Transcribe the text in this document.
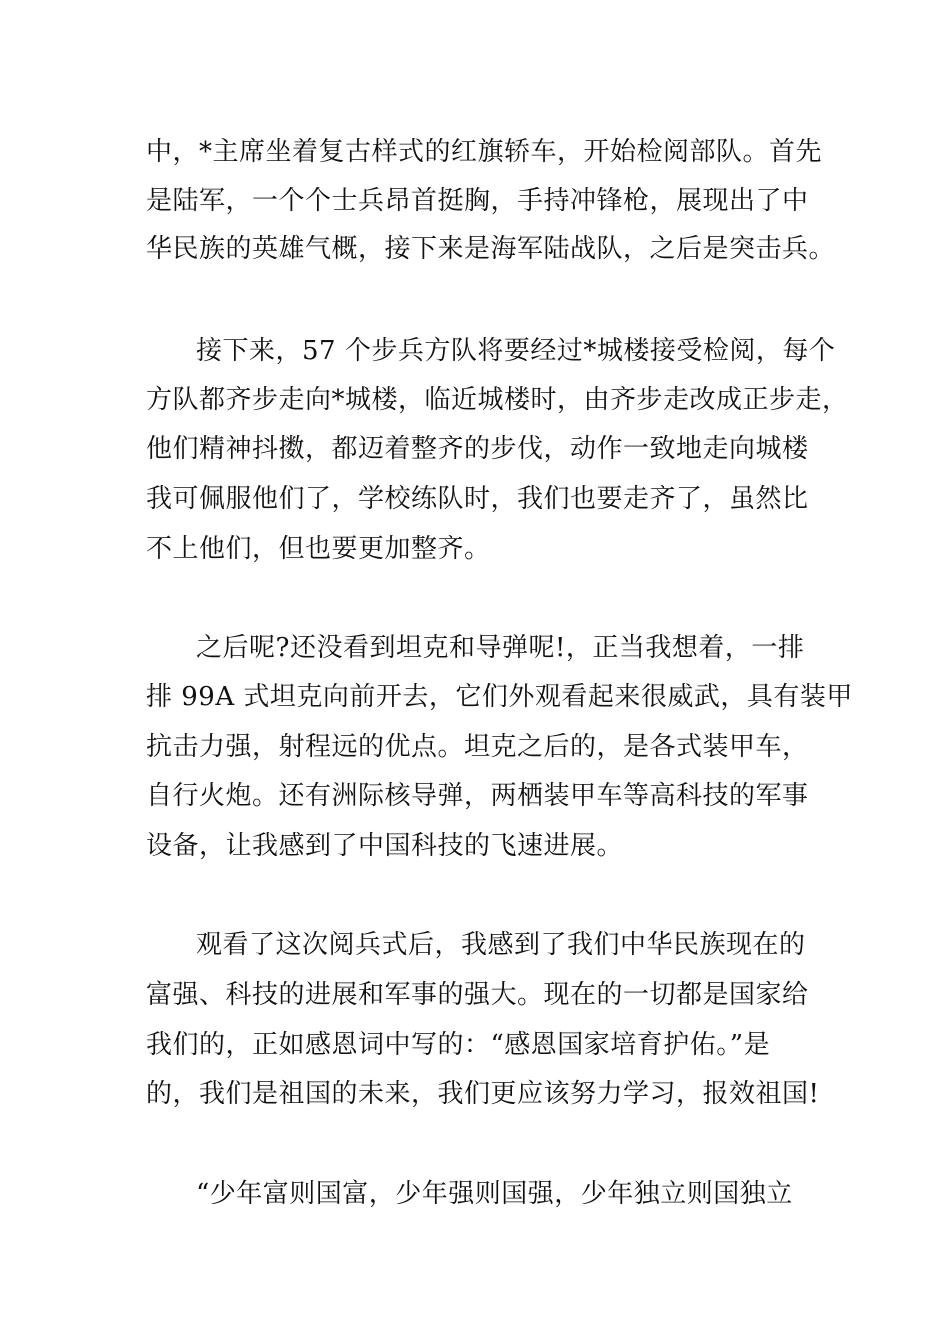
中，*主席坐着复古样式的红旗轿车，开始检阅部队。首先
是陆军，一个个士兵昂首挺胸，手持冲锋枪，展现出了中
华民族的英雄气概，接下来是海军陆战队，之后是突击兵。
接下来，57 个步兵方队将要经过*城楼接受检阅，每个
方队都齐步走向*城楼，临近城楼时，由齐步走改成正步走，
他们精神抖擞，都迈着整齐的步伐，动作一致地走向城楼
我可佩服他们了，学校练队时，我们也要走齐了，虽然比
不上他们，但也要更加整齐。
之后呢?还没看到坦克和导弹呢!，正当我想着，一排
排 99A 式坦克向前开去，它们外观看起来很威武，具有装甲
抗击力强，射程远的优点。坦克之后的，是各式装甲车，
自行火炮。还有洲际核导弹，两栖装甲车等高科技的军事
设备，让我感到了中国科技的飞速进展。
观看了这次阅兵式后，我感到了我们中华民族现在的
富强、科技的进展和军事的强大。现在的一切都是国家给
我们的，正如感恩词中写的：“感恩国家培育护佑。”是
的，我们是祖国的未来，我们更应该努力学习，报效祖国!
“少年富则国富，少年强则国强，少年独立则国独立
